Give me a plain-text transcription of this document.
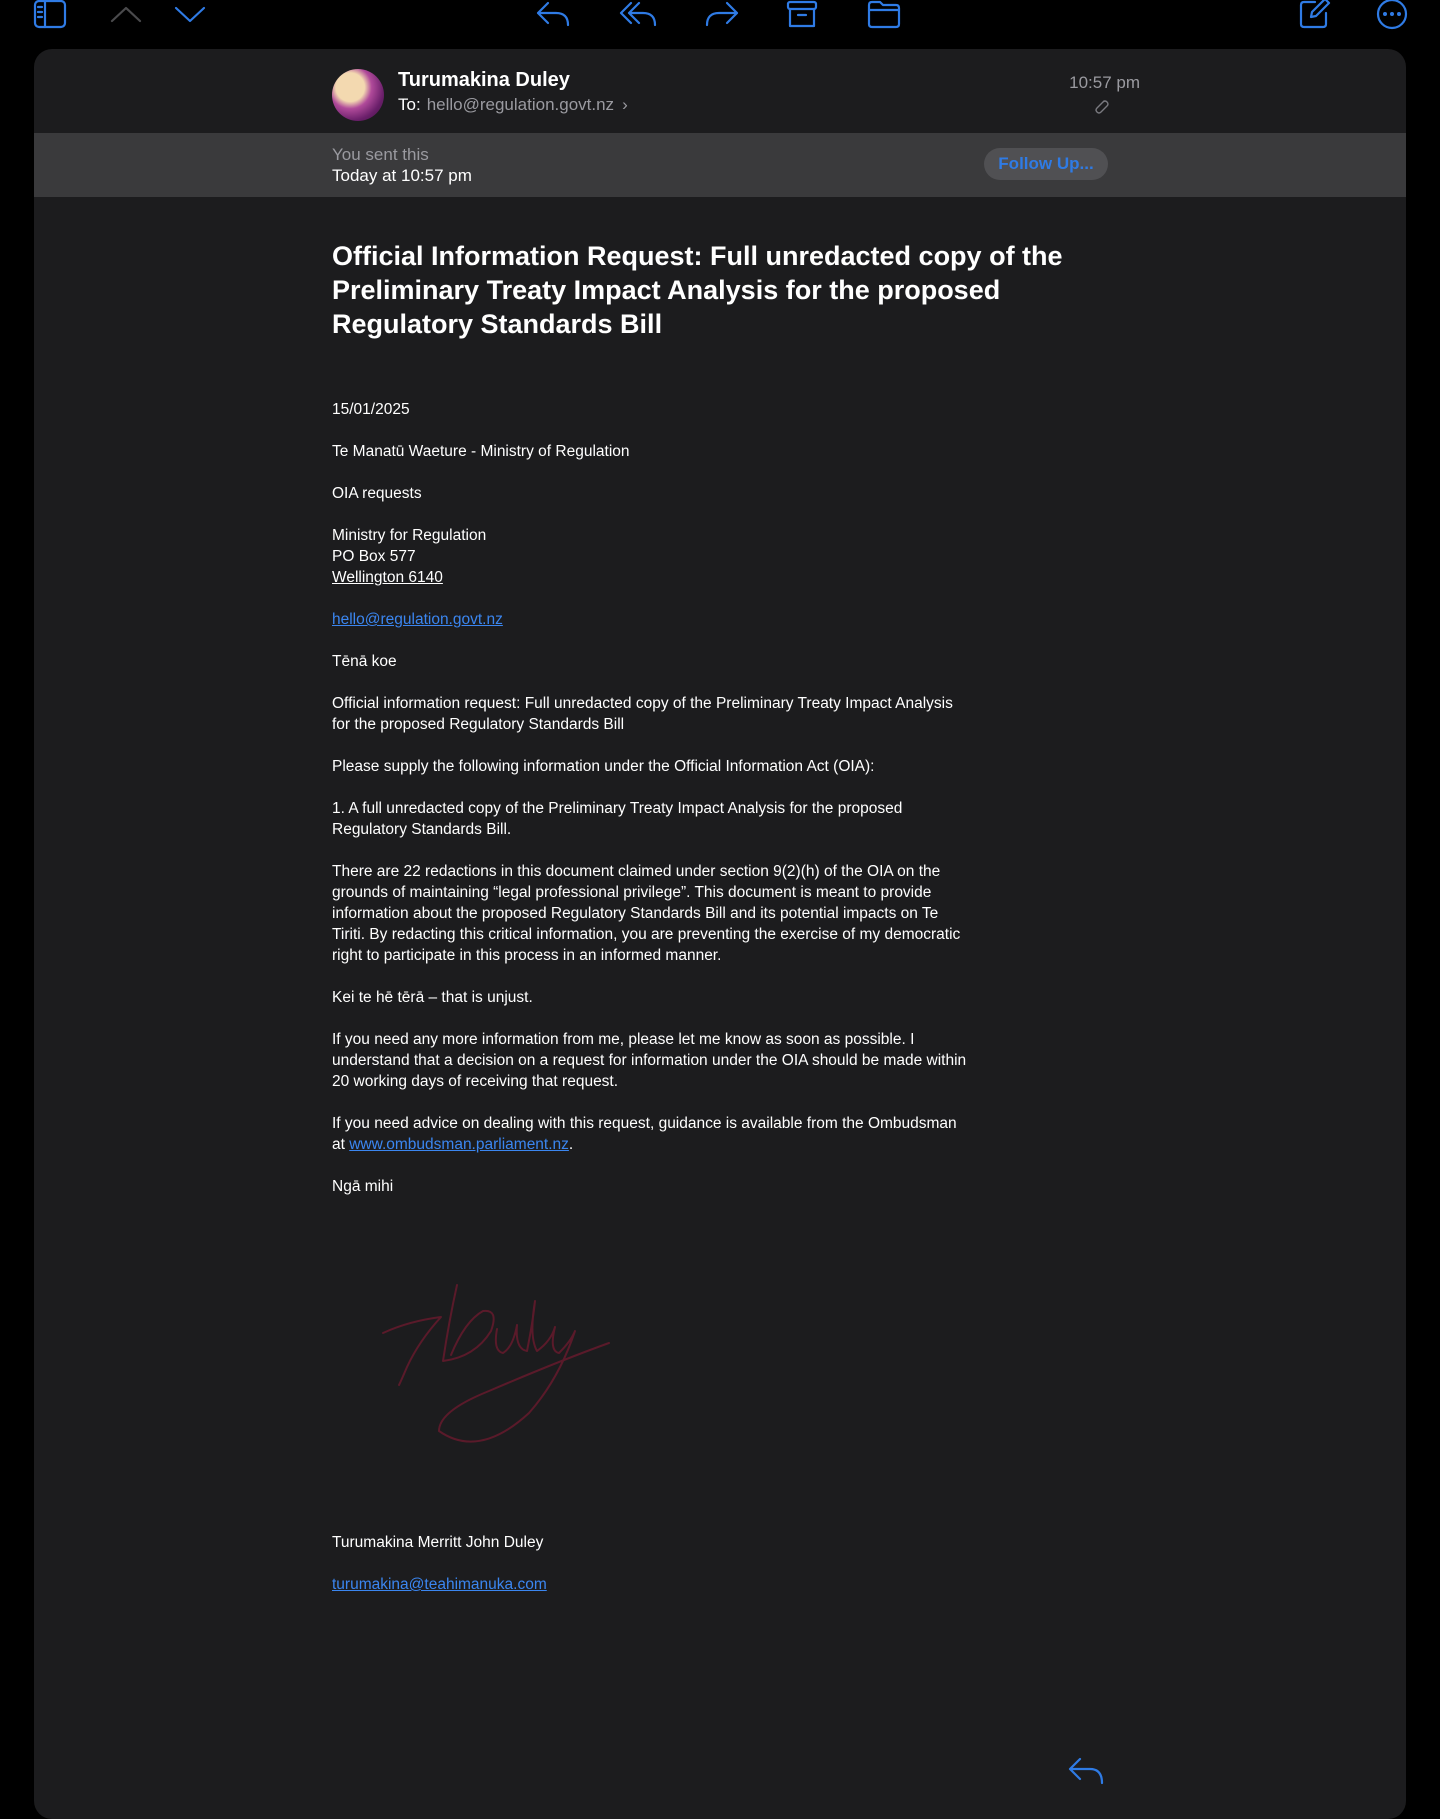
Turumakina Duley
To: hello@regulation.govt.nz ›
10:57 pm
You sent this
Today at 10:57 pm
Follow Up...
Official Information Request: Full unredacted copy of the Preliminary Treaty Impact Analysis for the proposed Regulatory Standards Bill

15/01/2025

Te Manatū Waeture - Ministry of Regulation

OIA requests

Ministry for Regulation
PO Box 577
Wellington 6140

hello@regulation.govt.nz

Tēnā koe

Official information request: Full unredacted copy of the Preliminary Treaty Impact Analysis for the proposed Regulatory Standards Bill

Please supply the following information under the Official Information Act (OIA):

1. A full unredacted copy of the Preliminary Treaty Impact Analysis for the proposed Regulatory Standards Bill.

There are 22 redactions in this document claimed under section 9(2)(h) of the OIA on the grounds of maintaining “legal professional privilege”. This document is meant to provide information about the proposed Regulatory Standards Bill and its potential impacts on Te Tiriti. By redacting this critical information, you are preventing the exercise of my democratic right to participate in this process in an informed manner.

Kei te hē tērā – that is unjust.

If you need any more information from me, please let me know as soon as possible. I understand that a decision on a request for information under the OIA should be made within 20 working days of receiving that request.

If you need advice on dealing with this request, guidance is available from the Ombudsman at www.ombudsman.parliament.nz.

Ngā mihi

Turumakina Merritt John Duley
turumakina@teahimanuka.com
